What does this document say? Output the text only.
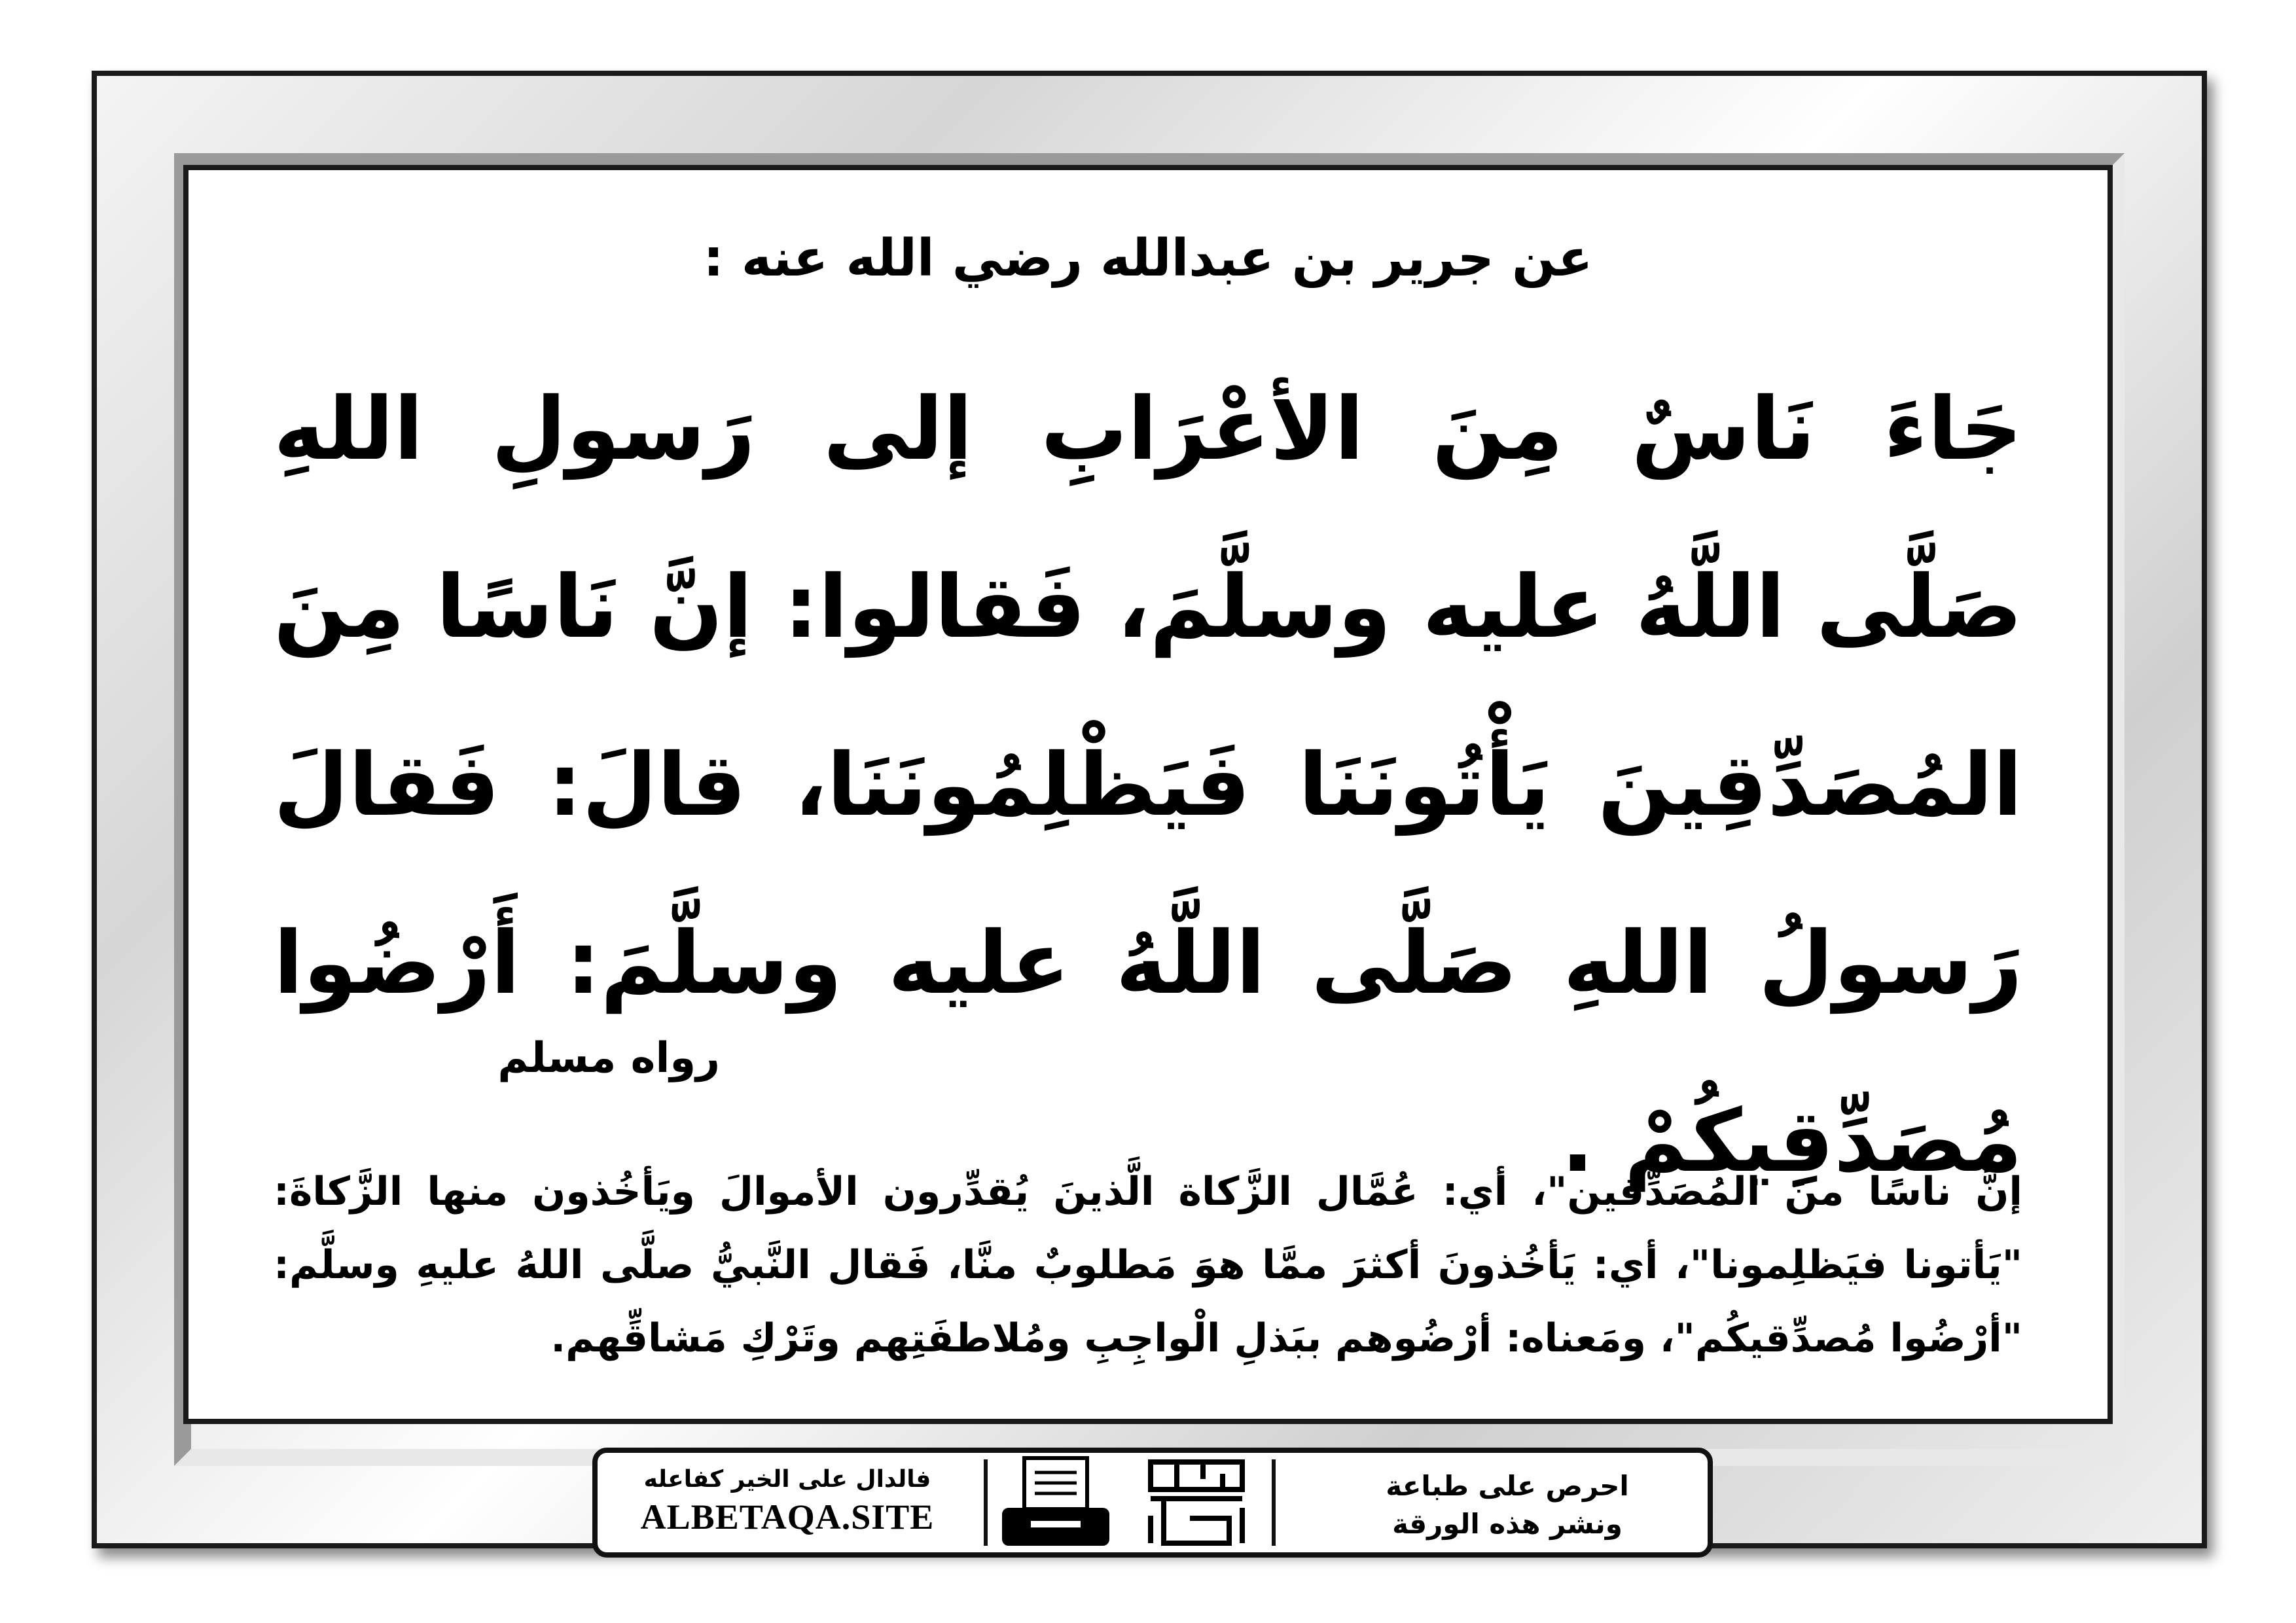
عن جرير بن عبدالله رضي الله عنه :
جَاءَ نَاسٌ مِنَ الأعْرَابِ إلى رَسولِ اللهِ صَلَّى اللَّهُ عليه وسلَّمَ، فَقالوا: إنَّ نَاسًا مِنَ المُصَدِّقِينَ يَأْتُونَنَا فَيَظْلِمُونَنَا، قالَ: فَقالَ رَسولُ اللهِ صَلَّى اللَّهُ عليه وسلَّمَ: أَرْضُوا مُصَدِّقِيكُمْ .
رواه مسلم
إنَّ ناسًا منَ المُصَدِّقين"، أي: عُمَّال الزَّكاة الَّذينَ يُقدِّرون الأموالَ ويَأخُذون منها الزَّكاةَ: "يَأتونا فيَظلِمونا"، أي: يَأخُذونَ أكثرَ ممَّا هوَ مَطلوبٌ منَّا، فَقال النَّبيُّ صلَّى اللهُ عليهِ وسلَّم: "أرْضُوا مُصدِّقيكُم"، ومَعناه: أرْضُوهم ببَذلِ الْواجِبِ ومُلاطفَتِهم وتَرْكِ مَشاقِّهم.
فالدال على الخير كفاعله
ALBETAQA.SITE
احرص على طباعة
ونشر هذه الورقة
